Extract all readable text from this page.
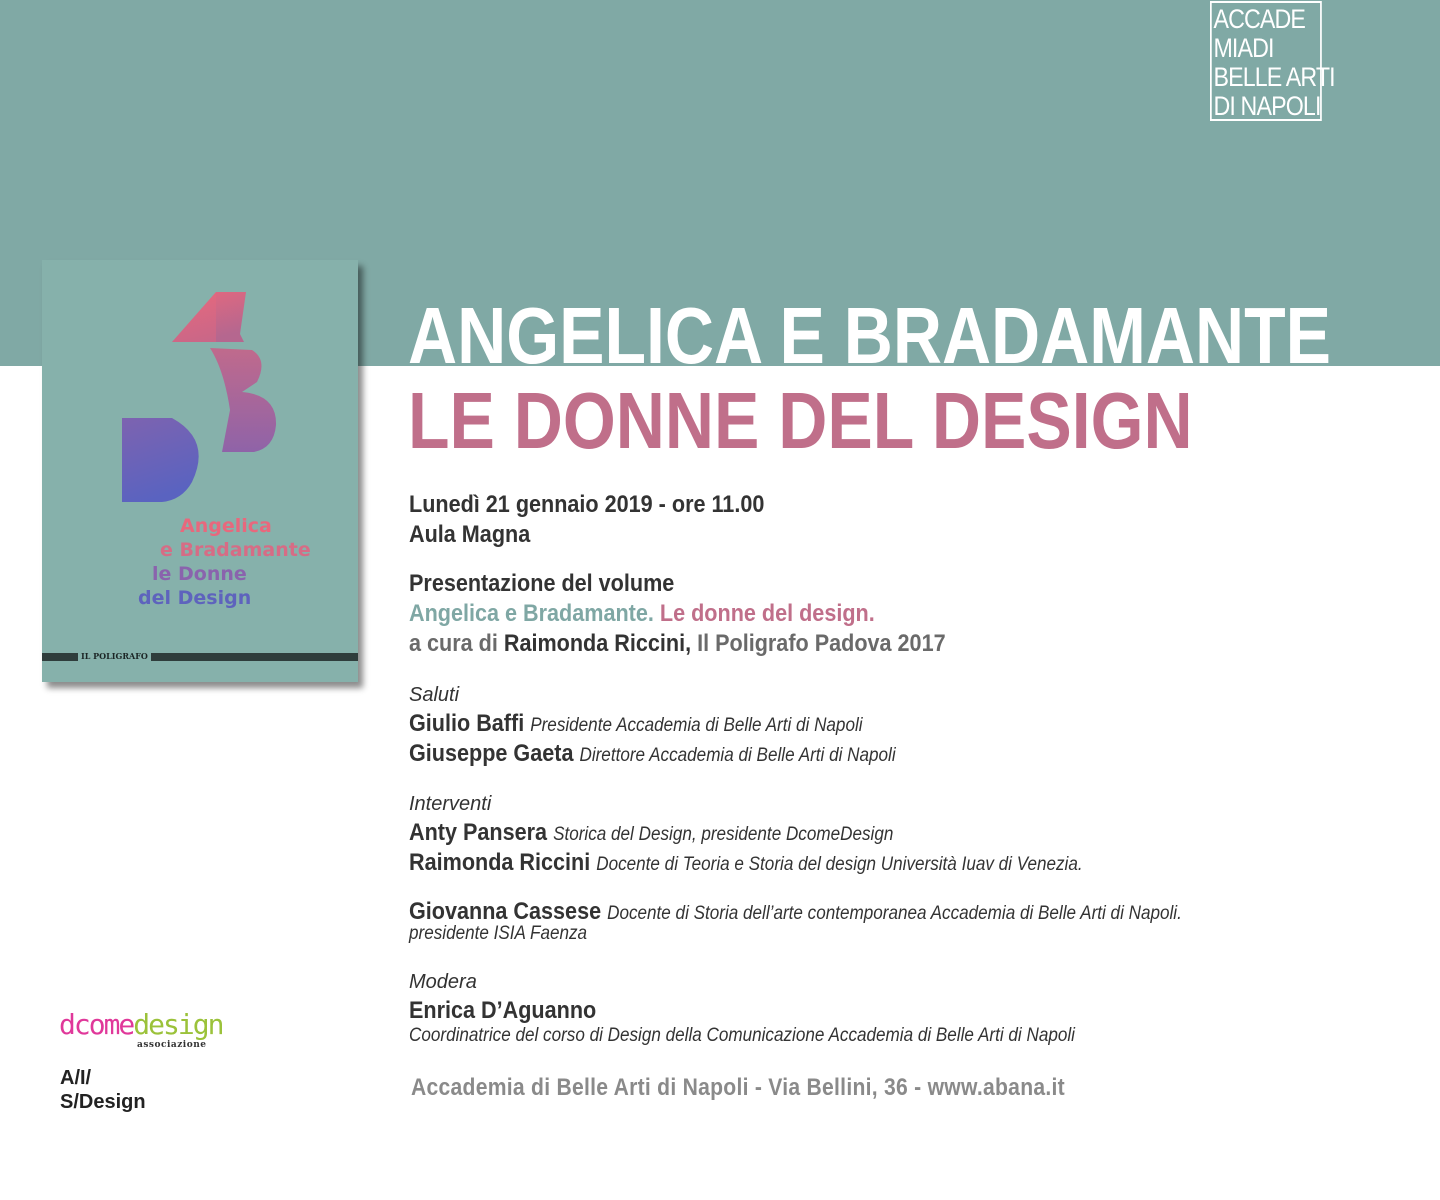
ACCADE
MIADI
BELLE ARTI
DI NAPOLI
Angelica
e Bradamante
le Donne
del Design
IL POLIGRAFO
ANGELICA E BRADAMANTE
LE DONNE DEL DESIGN
Lunedì 21 gennaio 2019 - ore 11.00
Aula Magna
Presentazione del volume
Angelica e Bradamante. Le donne del design.
a cura di Raimonda Riccini, Il Poligrafo Padova 2017
Saluti
Giulio Baffi Presidente Accademia di Belle Arti di Napoli
Giuseppe Gaeta Direttore Accademia di Belle Arti di Napoli
Interventi
Anty Pansera Storica del Design, presidente DcomeDesign
Raimonda Riccini Docente di Teoria e Storia del design Università Iuav di Venezia.
Giovanna Cassese Docente di Storia dell’arte contemporanea Accademia di Belle Arti di Napoli.
presidente ISIA Faenza
Modera
Enrica D’Aguanno
Coordinatrice del corso di Design della Comunicazione Accademia di Belle Arti di Napoli
dcomedesign
associazione
A/I/
S/Design
Accademia di Belle Arti di Napoli - Via Bellini, 36 - www.abana.it
